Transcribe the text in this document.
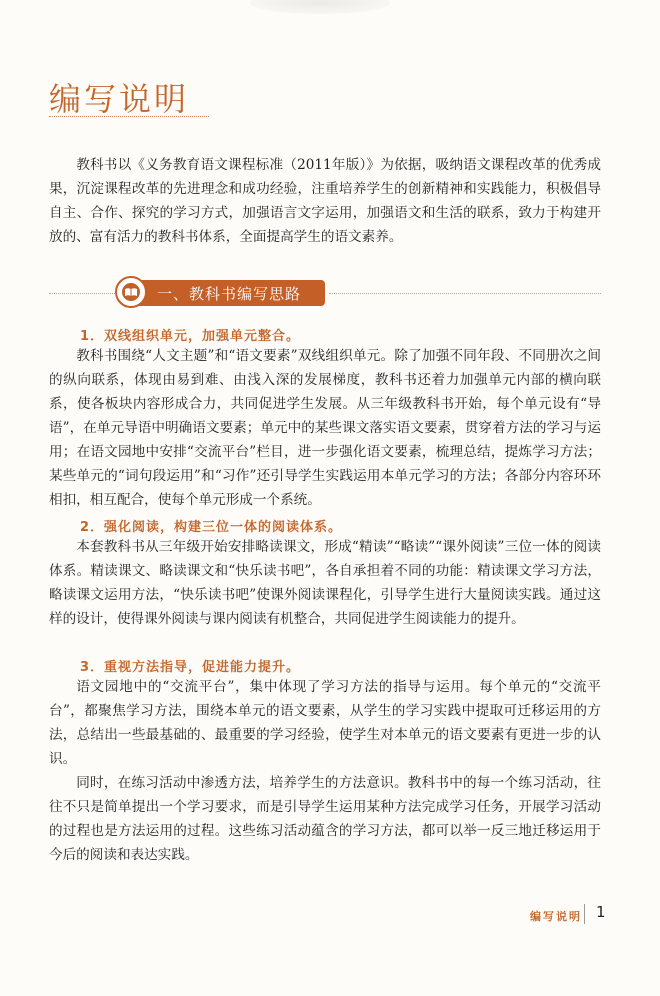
编写说明

教科书以《义务教育语文课程标准（2011年版）》为依据，吸纳语文课程改革的优秀成果，沉淀课程改革的先进理念和成功经验，注重培养学生的创新精神和实践能力，积极倡导自主、合作、探究的学习方式，加强语言文字运用，加强语文和生活的联系，致力于构建开放的、富有活力的教科书体系，全面提高学生的语文素养。

一、教科书编写思路
1．双线组织单元，加强单元整合。

教科书围绕“人文主题”和“语文要素”双线组织单元。除了加强不同年段、不同册次之间的纵向联系，体现由易到难、由浅入深的发展梯度，教科书还着力加强单元内部的横向联系，使各板块内容形成合力，共同促进学生发展。从三年级教科书开始，每个单元设有“导语”，在单元导语中明确语文要素；单元中的某些课文落实语文要素，贯穿着方法的学习与运用；在语文园地中安排“交流平台”栏目，进一步强化语文要素，梳理总结，提炼学习方法；某些单元的“词句段运用”和“习作”还引导学生实践运用本单元学习的方法；各部分内容环环相扣，相互配合，使每个单元形成一个系统。

2．强化阅读，构建三位一体的阅读体系。

本套教科书从三年级开始安排略读课文，形成“精读”“略读”“课外阅读”三位一体的阅读体系。精读课文、略读课文和“快乐读书吧”，各自承担着不同的功能：精读课文学习方法，略读课文运用方法，“快乐读书吧”使课外阅读课程化，引导学生进行大量阅读实践。通过这样的设计，使得课外阅读与课内阅读有机整合，共同促进学生阅读能力的提升。

3．重视方法指导，促进能力提升。

语文园地中的“交流平台”，集中体现了学习方法的指导与运用。每个单元的“交流平台”，都聚焦学习方法，围绕本单元的语文要素，从学生的学习实践中提取可迁移运用的方法，总结出一些最基础的、最重要的学习经验，使学生对本单元的语文要素有更进一步的认识。

同时，在练习活动中渗透方法，培养学生的方法意识。教科书中的每一个练习活动，往往不只是简单提出一个学习要求，而是引导学生运用某种方法完成学习任务，开展学习活动的过程也是方法运用的过程。这些练习活动蕴含的学习方法，都可以举一反三地迁移运用于今后的阅读和表达实践。

编写说明 1
